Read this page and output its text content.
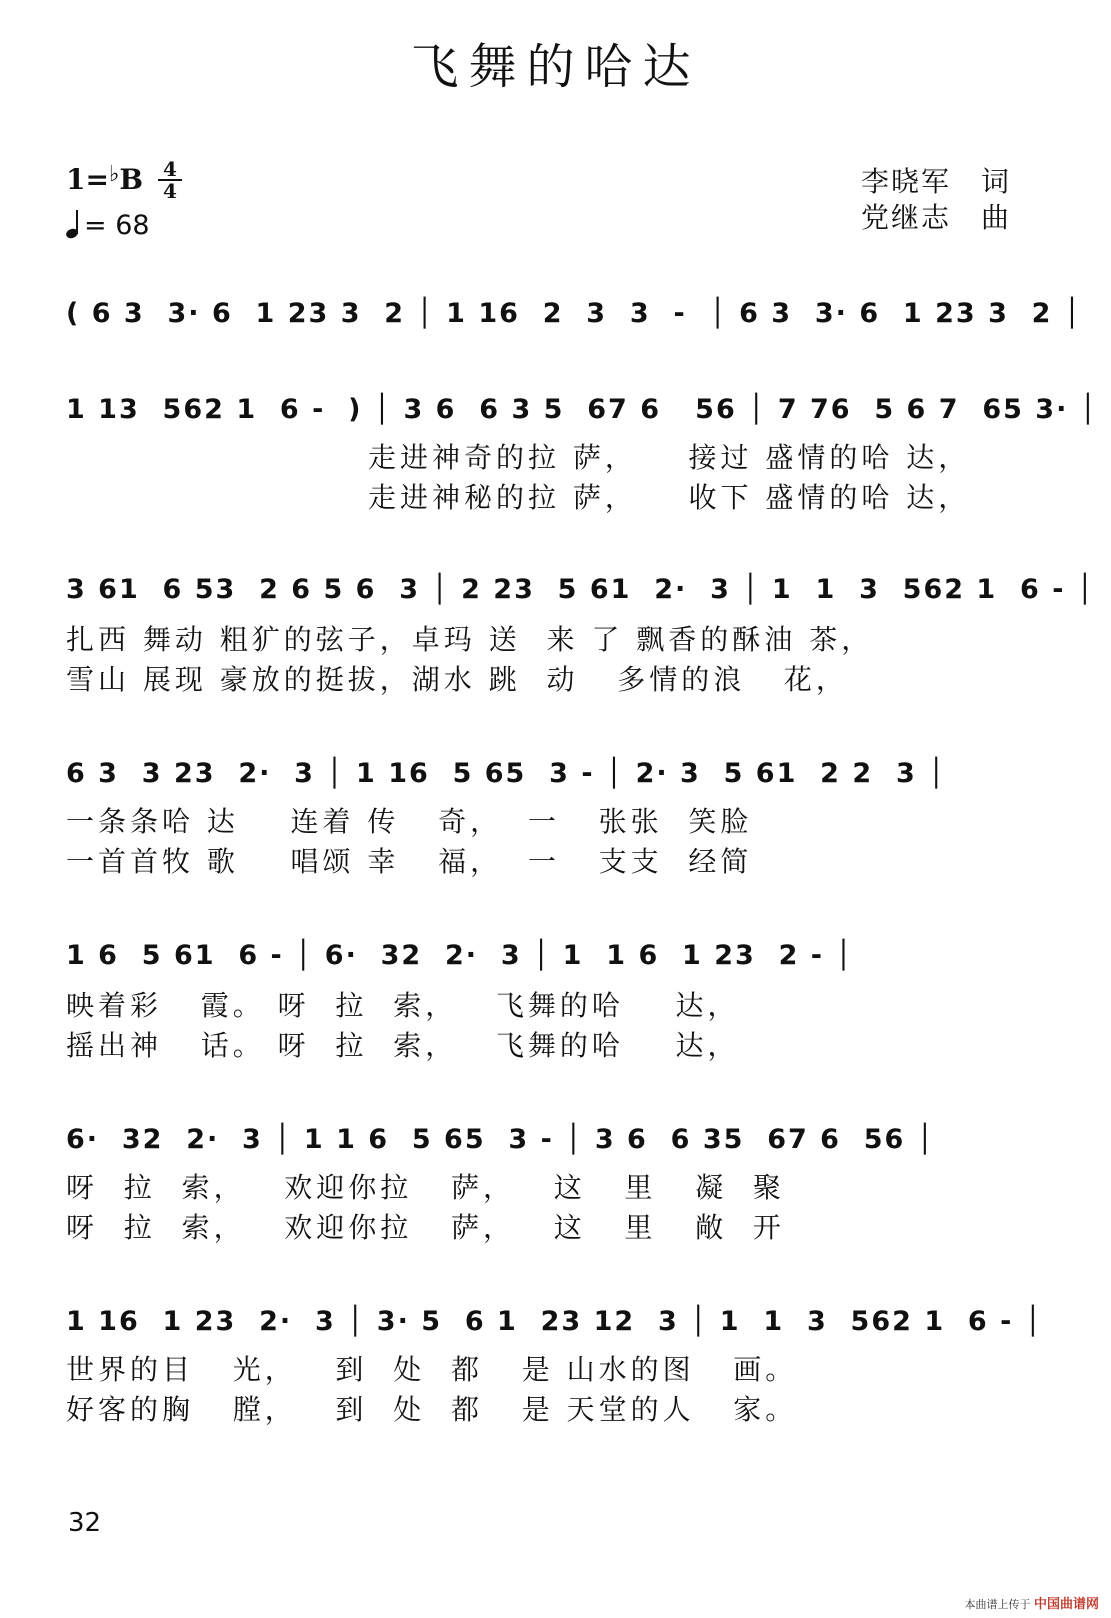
飞舞的哈达
1=♭B 4
4
= 68
李晓军　词
党继志　曲
( 6 3  3· 6  1 23 3  2 │ 1 16  2  3  3  -  │ 6 3  3· 6  1 23 3  2 │
1 13  562 1  6 -  ) │ 3 6  6 3 5  67 6   56 │ 7 76  5 6 7  65 3· │
走进神奇的拉 萨，    接过 盛情的哈 达，
走进神秘的拉 萨，    收下 盛情的哈 达，
3 61  6 53  2 6 5 6  3 │ 2 23  5 61  2·  3 │ 1  1  3  562 1  6 - │
扎西 舞动 粗犷的弦子，卓玛 送  来 了 飘香的酥油 茶，
雪山 展现 豪放的挺拔，湖水 跳  动   多情的浪   花，
6 3  3 23  2·  3 │ 1 16  5 65  3 - │ 2· 3  5 61  2 2  3 │
一条条哈 达    连着 传   奇，  一   张张  笑脸
一首首牧 歌    唱颂 幸   福，  一   支支  经简
1 6  5 61  6 - │ 6·  32  2·  3 │ 1  1 6  1 23  2 - │
映着彩   霞。 呀  拉  索，   飞舞的哈    达，
摇出神   话。 呀  拉  索，   飞舞的哈    达，
6·  32  2·  3 │ 1 1 6  5 65  3 - │ 3 6  6 35  67 6  56 │
呀  拉  索，   欢迎你拉   萨，   这   里   凝  聚
呀  拉  索，   欢迎你拉   萨，   这   里   敞  开
1 16  1 23  2·  3 │ 3· 5  6 1  23 12  3 │ 1  1  3  562 1  6 - │
世界的目   光，   到  处  都   是 山水的图   画。
好客的胸   膛，   到  处  都   是 天堂的人   家。
32
本曲谱上传于 中国曲谱网
